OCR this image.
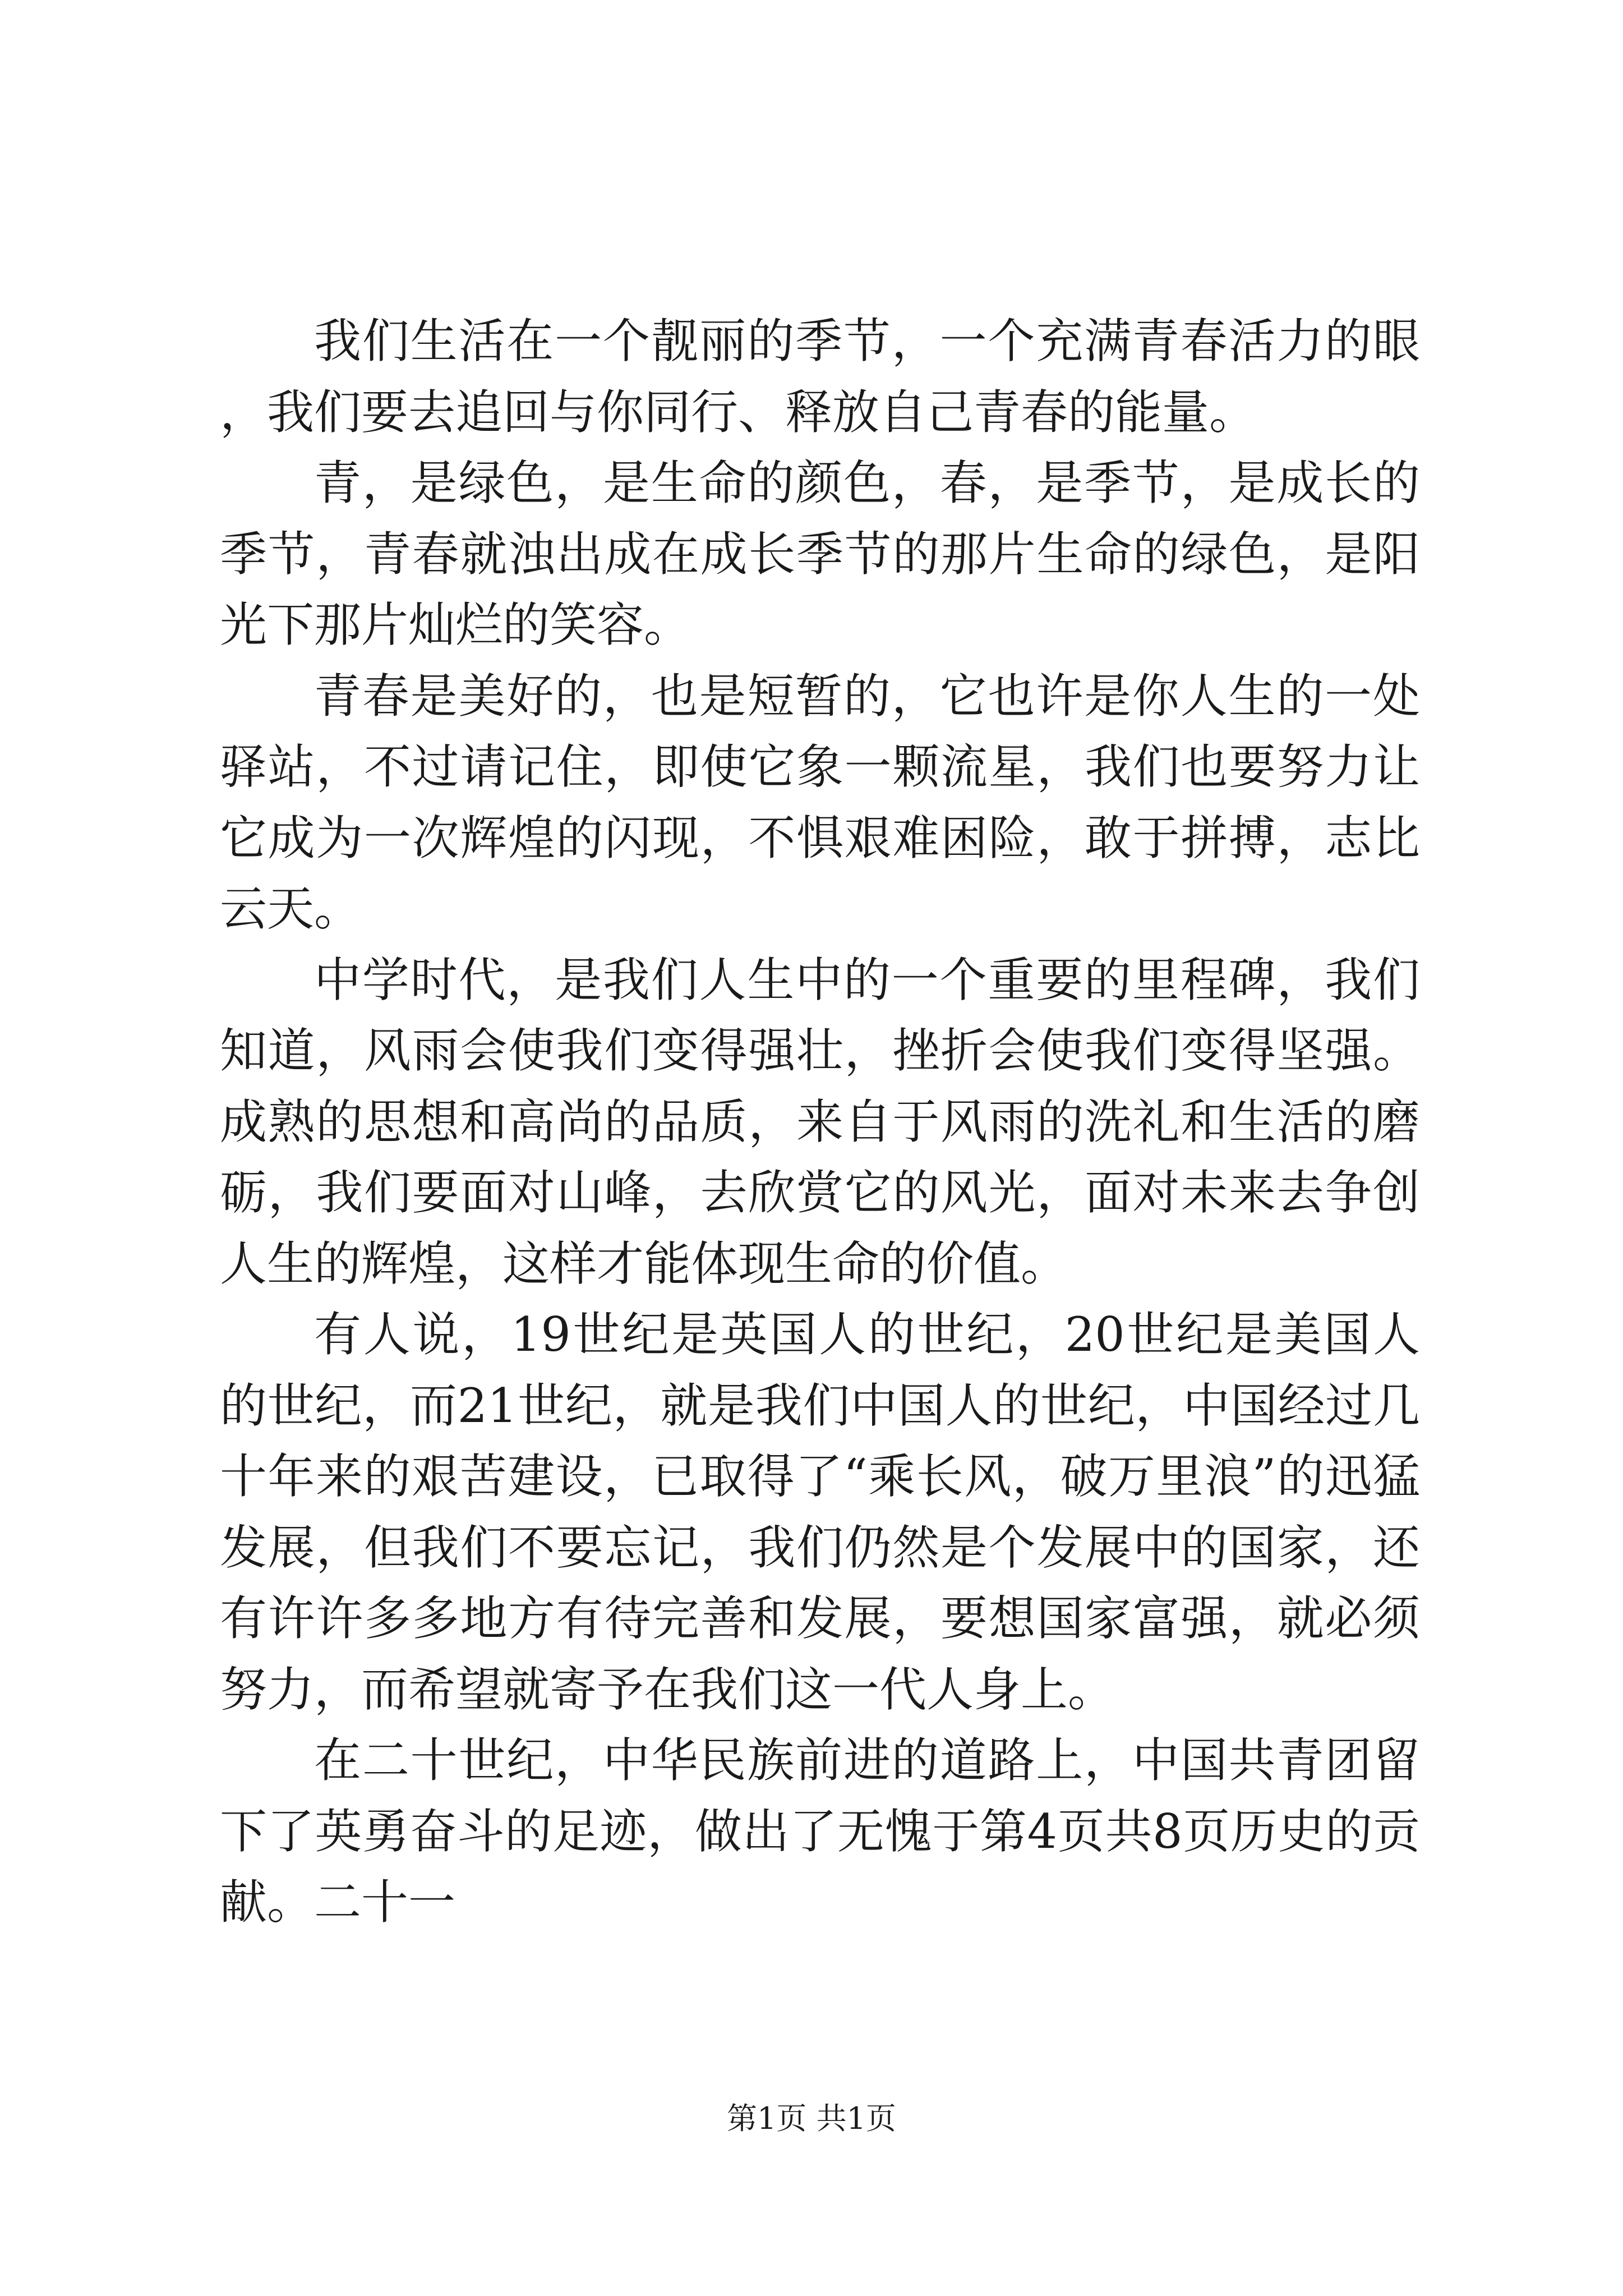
我们生活在一个靓丽的季节，一个充满青春活力的眼，我们要去追回与你同行、释放自己青春的能量。

青，是绿色，是生命的颜色，春，是季节，是成长的季节，青春就浊出成在成长季节的那片生命的绿色，是阳光下那片灿烂的笑容。

青春是美好的，也是短暂的，它也许是你人生的一处驿站，不过请记住，即使它象一颗流星，我们也要努力让它成为一次辉煌的闪现，不惧艰难困险，敢于拼搏，志比云天。

中学时代，是我们人生中的一个重要的里程碑，我们知道，风雨会使我们变得强壮，挫折会使我们变得坚强。成熟的思想和高尚的品质，来自于风雨的洗礼和生活的磨砺，我们要面对山峰，去欣赏它的风光，面对未来去争创人生的辉煌，这样才能体现生命的价值。

有人说，19世纪是英国人的世纪，20世纪是美国人的世纪，而21世纪，就是我们中国人的世纪，中国经过几十年来的艰苦建设，已取得了“乘长风，破万里浪”的迅猛发展，但我们不要忘记，我们仍然是个发展中的国家，还有许许多多地方有待完善和发展，要想国家富强，就必须努力，而希望就寄予在我们这一代人身上。

在二十世纪，中华民族前进的道路上，中国共青团留下了英勇奋斗的足迹，做出了无愧于第4页共8页历史的贡献。二十一

第1页 共1页
